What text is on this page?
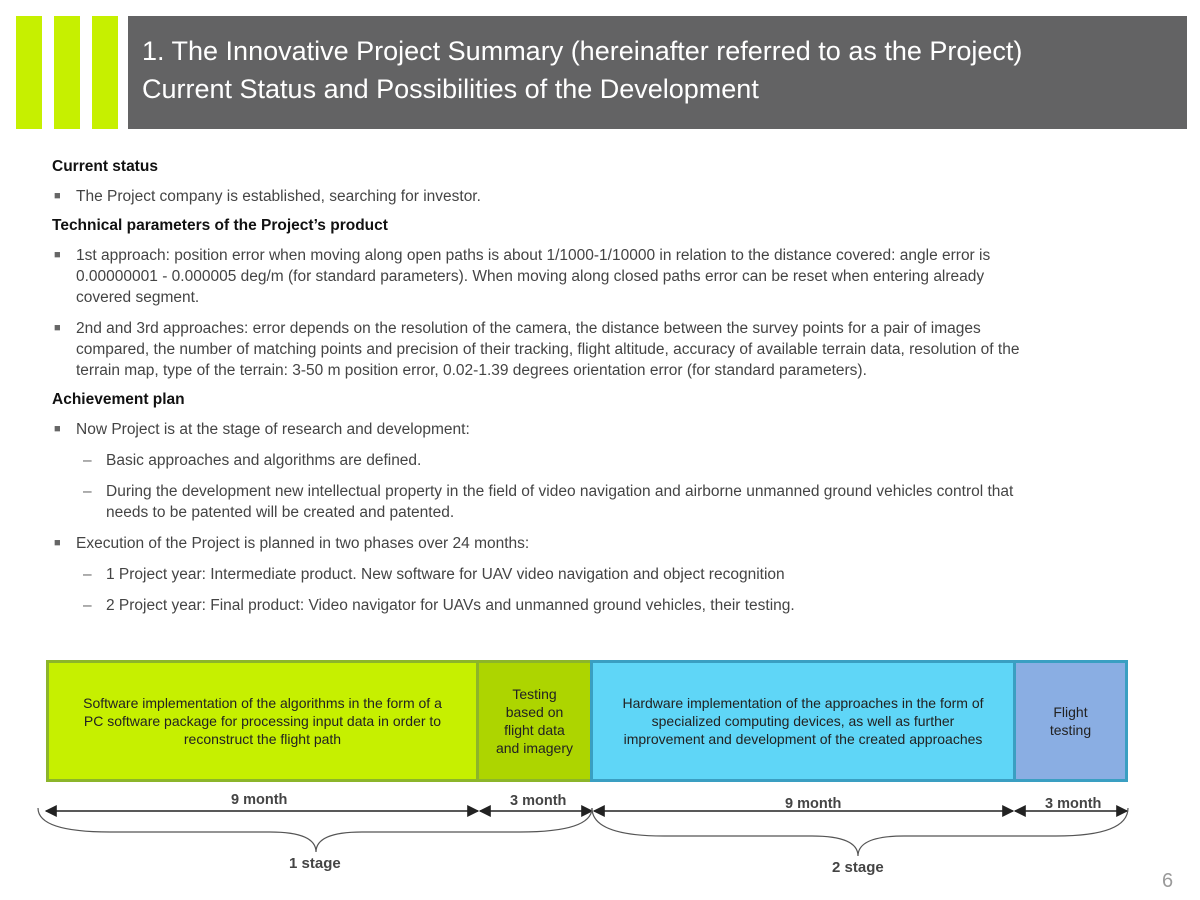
1. The Innovative Project Summary (hereinafter referred to as the Project)
Current Status and Possibilities of the Development

Current status

■ The Project company is established, searching for investor.

Technical parameters of the Project’s product

■ 1st approach: position error when moving along open paths is about 1/1000-1/10000 in relation to the distance covered: angle error is
0.00000001 - 0.000005 deg/m (for standard parameters). When moving along closed paths error can be reset when entering already
covered segment.
■ 2nd and 3rd approaches: error depends on the resolution of the camera, the distance between the survey points for a pair of images
compared, the number of matching points and precision of their tracking, flight altitude, accuracy of available terrain data, resolution of the
terrain map, type of the terrain: 3-50 m position error, 0.02-1.39 degrees orientation error (for standard parameters).

Achievement plan

■ Now Project is at the stage of research and development:
– Basic approaches and algorithms are defined.
– During the development new intellectual property in the field of video navigation and airborne unmanned ground vehicles control that
needs to be patented will be created and patented.
■ Execution of the Project is planned in two phases over 24 months:
– 1 Project year: Intermediate product. New software for UAV video navigation and object recognition
– 2 Project year: Final product: Video navigator for UAVs and unmanned ground vehicles, their testing.
Software implementation of the algorithms in the form of a
PC software package for processing input data in order to
reconstruct the flight path
Testing
based on
flight data
and imagery
Hardware implementation of the approaches in the form of
specialized computing devices, as well as further
improvement and development of the created approaches
Flight
testing
9 month	3 month	9 month	3 month
1 stage	2 stage
6
